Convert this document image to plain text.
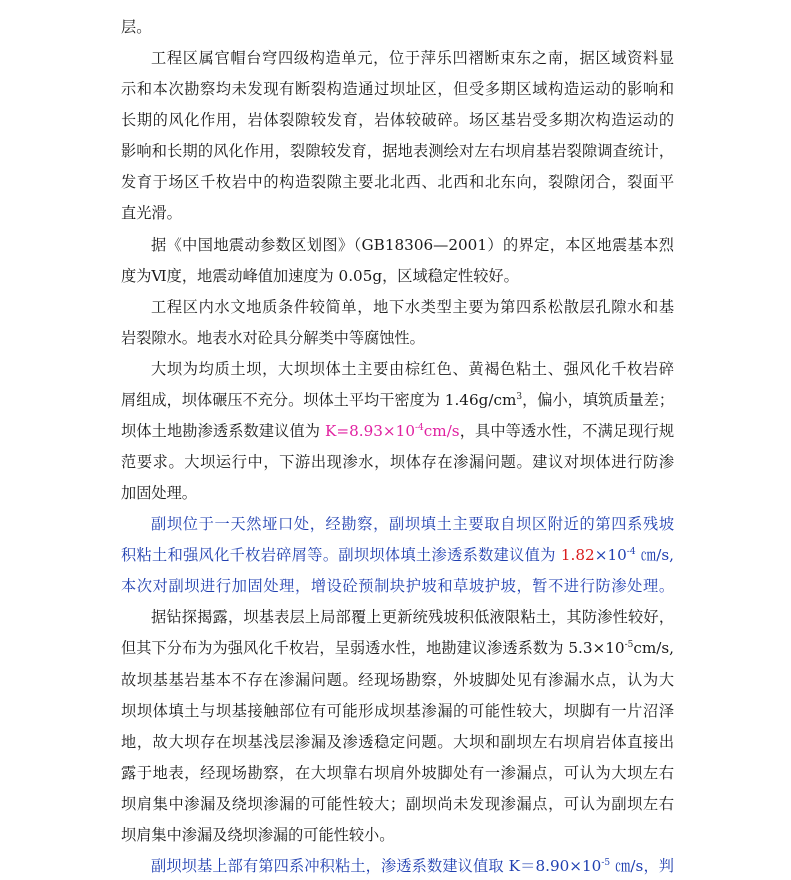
层。
工程区属官帽台穹四级构造单元，位于萍乐凹褶断束东之南，据区域资料显
示和本次勘察均未发现有断裂构造通过坝址区，但受多期区域构造运动的影响和
长期的风化作用，岩体裂隙较发育，岩体较破碎。场区基岩受多期次构造运动的
影响和长期的风化作用，裂隙较发育，据地表测绘对左右坝肩基岩裂隙调查统计，
发育于场区千枚岩中的构造裂隙主要北北西、北西和北东向，裂隙闭合，裂面平
直光滑。
据《中国地震动参数区划图》（GB18306—2001）的界定，本区地震基本烈
度为Ⅵ度，地震动峰值加速度为 0.05g，区域稳定性较好。
工程区内水文地质条件较简单，地下水类型主要为第四系松散层孔隙水和基
岩裂隙水。地表水对砼具分解类中等腐蚀性。
大坝为均质土坝，大坝坝体土主要由棕红色、黄褐色粘土、强风化千枚岩碎
屑组成，坝体碾压不充分。坝体土平均干密度为 $1.46g/cm^3$，偏小，填筑质量差；
坝体土地勘渗透系数建议值为 $K=8.93\times 10^{-4}cm/s$，具中等透水性，不满足现行规
范要求。大坝运行中，下游出现渗水，坝体存在渗漏问题。建议对坝体进行防渗
加固处理。
副坝位于一天然垭口处，经勘察，副坝填土主要取自坝区附近的第四系残坡
积粘土和强风化千枚岩碎屑等。副坝坝体填土渗透系数建议值为 $1.82\times 10^{-4}$ ㎝/s,
本次对副坝进行加固处理，增设砼预制块护坡和草坡护坡，暂不进行防渗处理。
据钻探揭露，坝基表层上局部覆上更新统残坡积低液限粘土，其防渗性较好，
但其下分布为为强风化千枚岩，呈弱透水性，地勘建议渗透系数为 $5.3\times 10^{-5}cm/s$,
故坝基基岩基本不存在渗漏问题。经现场勘察，外坡脚处见有渗漏水点，认为大
坝坝体填土与坝基接触部位有可能形成坝基渗漏的可能性较大，坝脚有一片沼泽
地，故大坝存在坝基浅层渗漏及渗透稳定问题。大坝和副坝左右坝肩岩体直接出
露于地表，经现场勘察，在大坝靠右坝肩外坡脚处有一渗漏点，可认为大坝左右
坝肩集中渗漏及绕坝渗漏的可能性较大；副坝尚未发现渗漏点，可认为副坝左右
坝肩集中渗漏及绕坝渗漏的可能性较小。
副坝坝基上部有第四系冲积粘土，渗透系数建议值取 $K=8.90\times 10^{-5}$ ㎝/s，判
